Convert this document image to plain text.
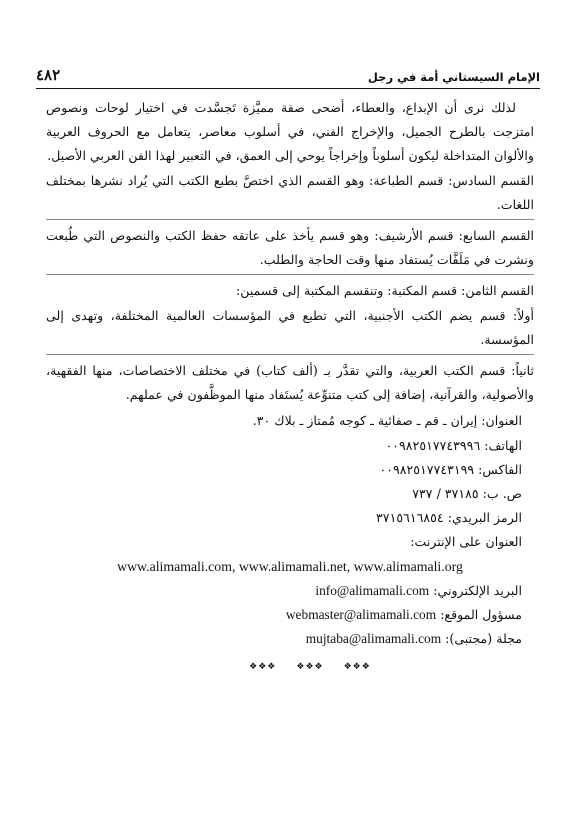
الإمام السيستاني أمة في رجل
٤٨٢

لذلك نرى أن الإبداع، والعطاء، أضحى صفة مميَّزة تَجسَّدت في اختيار لوحات ونصوص امتزجت بالطرح الجميل، والإخراج الفني، في أسلوب معاصر، يتعامل مع الحروف العربية والألوان المتداخلة ليكون أسلوباً وإخراجاً يوحي إلى العمق، في التعبير لهذا الفن العربي الأصيل.

القسم السادس: قسم الطباعة: وهو القسم الذي اختصَّ بطبع الكتب التي يُراد نشرها بمختلف اللغات.

القسم السابع: قسم الأرشيف: وهو قسم يأخذ على عاتقه حفظ الكتب والنصوص التي طُبعت ونشرت في مَلَفَّات يُستفاد منها وقت الحاجة والطلب.

القسم الثامن: قسم المكتبة: وتنقسم المكتبة إلى قسمين:

أولاً: قسم يضم الكتب الأجنبية، التي تطبع في المؤسسات العالمية المختلفة، وتهدى إلى المؤسسة.

ثانياً: قسم الكتب العربية، والتي تقدَّر بـ (ألف كتاب) في مختلف الاختصاصات، منها الفقهية، والأصولية، والقرآنية، إضافة إلى كتب متنوِّعة يُستَفاد منها الموظَّفون في عملهم.

العنوان: إيران ـ قم ـ صفائية ـ كوجه مُمتاز ـ بلاك ٣٠.
الهاتف: ٠٠٩٨٢٥١٧٧٤٣٩٩٦
الفاكس: ٠٠٩٨٢٥١٧٧٤٣١٩٩
ص. ب: ٣٧١٨٥ / ٧٣٧
الرمز البريدي: ٣٧١٥٦١٦٨٥٤
العنوان على الإنترنت:
www.alimamali.com, www.alimamali.net, www.alimamali.org
البريد الإلكتروني: info@alimamali.com
مسؤول الموقع: webmaster@alimamali.com
مجلة (مجتبى): mujtaba@alimamali.com
❖❖❖
❖❖❖
❖❖❖
